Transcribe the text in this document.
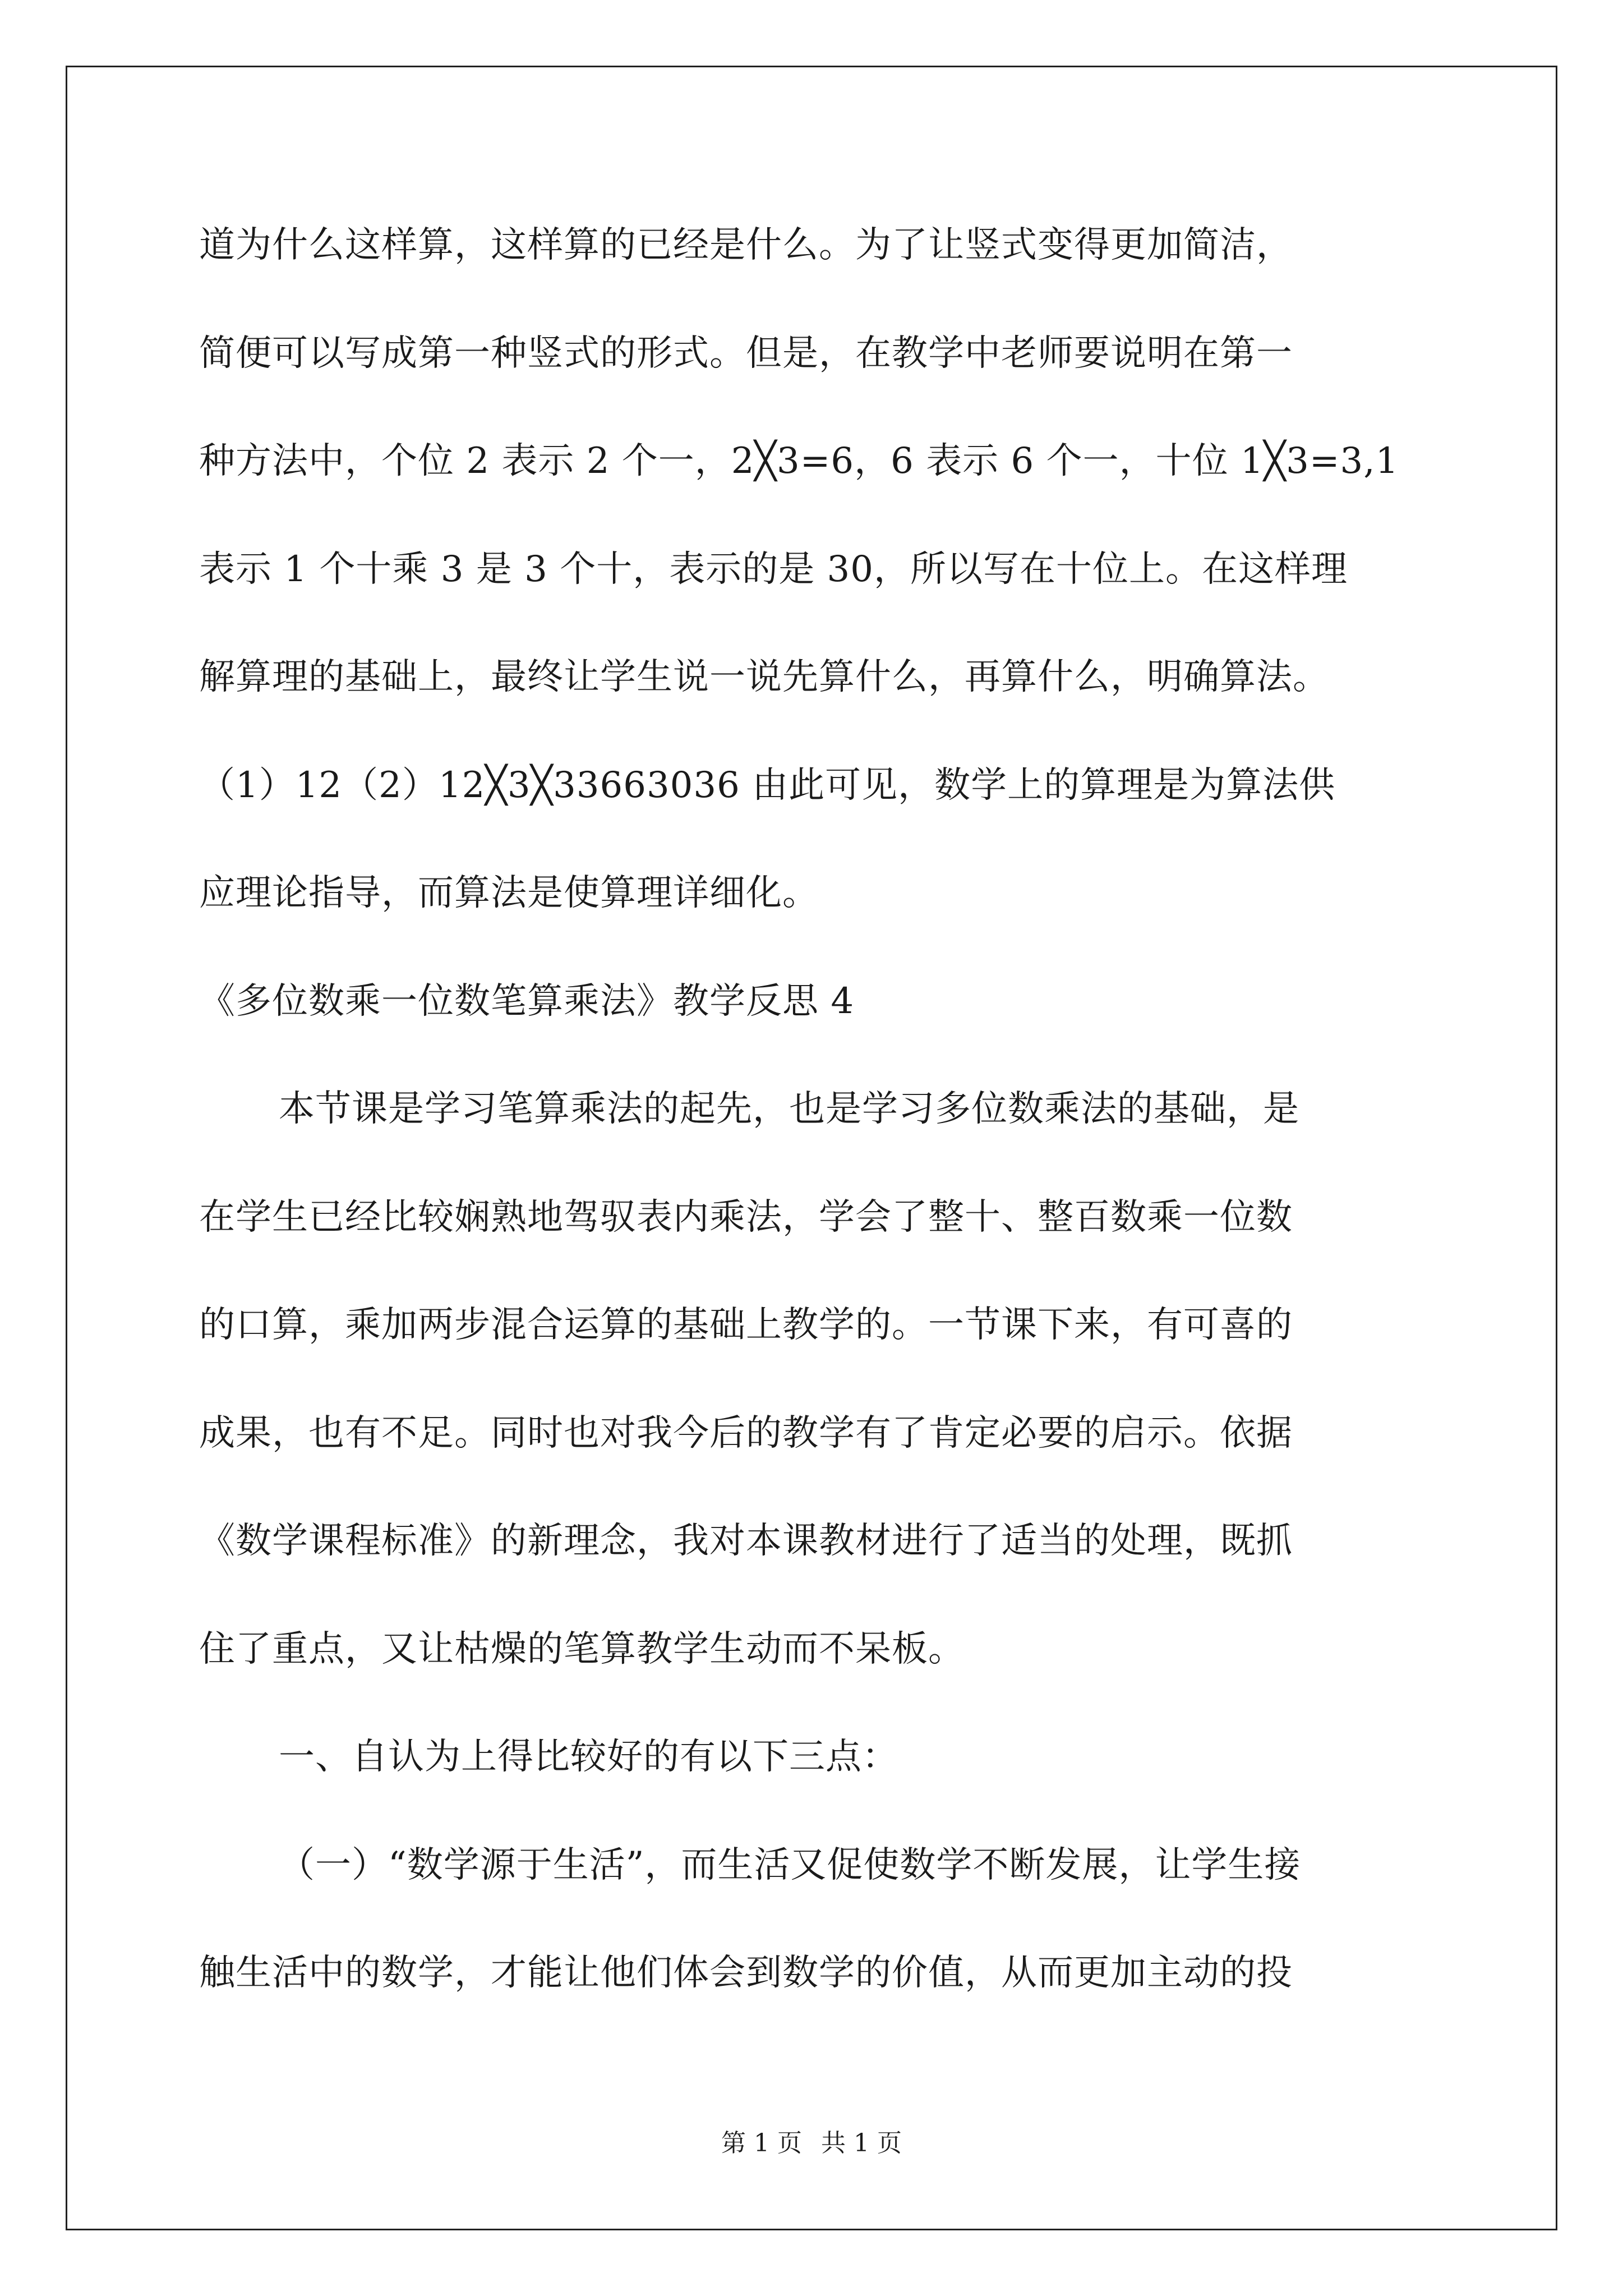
道为什么这样算，这样算的已经是什么。为了让竖式变得更加简洁，

简便可以写成第一种竖式的形式。但是，在教学中老师要说明在第一

种方法中，个位 2 表示 2 个一，2╳3=6，6 表示 6 个一，十位 1╳3=3,1

表示 1 个十乘 3 是 3 个十，表示的是 30，所以写在十位上。在这样理

解算理的基础上，最终让学生说一说先算什么，再算什么，明确算法。

（1）12（2）12╳3╳33663036 由此可见，数学上的算理是为算法供

应理论指导，而算法是使算理详细化。

《多位数乘一位数笔算乘法》教学反思 4

本节课是学习笔算乘法的起先，也是学习多位数乘法的基础，是

在学生已经比较娴熟地驾驭表内乘法，学会了整十、整百数乘一位数

的口算，乘加两步混合运算的基础上教学的。一节课下来，有可喜的

成果，也有不足。同时也对我今后的教学有了肯定必要的启示。依据

《数学课程标准》的新理念，我对本课教材进行了适当的处理，既抓

住了重点，又让枯燥的笔算教学生动而不呆板。

一、自认为上得比较好的有以下三点：

（一）“数学源于生活”，而生活又促使数学不断发展，让学生接

触生活中的数学，才能让他们体会到数学的价值，从而更加主动的投

第 1 页 共 1 页
